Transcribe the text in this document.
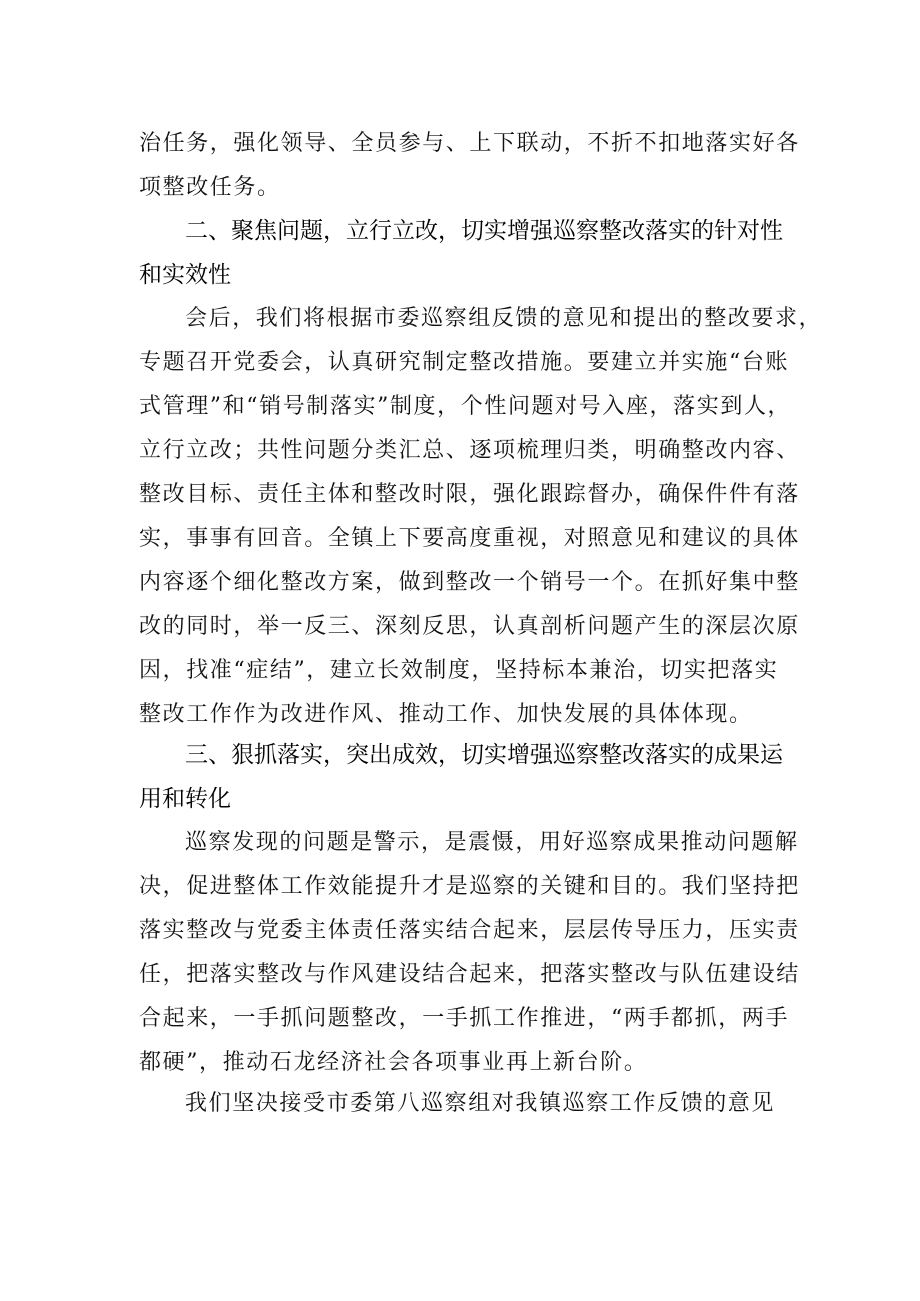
治任务，强化领导、全员参与、上下联动，不折不扣地落实好各
项整改任务。
二、聚焦问题，立行立改，切实增强巡察整改落实的针对性
和实效性
会后，我们将根据市委巡察组反馈的意见和提出的整改要求，
专题召开党委会，认真研究制定整改措施。要建立并实施“台账
式管理”和“销号制落实”制度，个性问题对号入座，落实到人，
立行立改；共性问题分类汇总、逐项梳理归类，明确整改内容、
整改目标、责任主体和整改时限，强化跟踪督办，确保件件有落
实，事事有回音。全镇上下要高度重视，对照意见和建议的具体
内容逐个细化整改方案，做到整改一个销号一个。在抓好集中整
改的同时，举一反三、深刻反思，认真剖析问题产生的深层次原
因，找准“症结”，建立长效制度，坚持标本兼治，切实把落实
整改工作作为改进作风、推动工作、加快发展的具体体现。
三、狠抓落实，突出成效，切实增强巡察整改落实的成果运
用和转化
巡察发现的问题是警示，是震慑，用好巡察成果推动问题解
决，促进整体工作效能提升才是巡察的关键和目的。我们坚持把
落实整改与党委主体责任落实结合起来，层层传导压力，压实责
任，把落实整改与作风建设结合起来，把落实整改与队伍建设结
合起来，一手抓问题整改，一手抓工作推进，“两手都抓，两手
都硬”，推动石龙经济社会各项事业再上新台阶。
我们坚决接受市委第八巡察组对我镇巡察工作反馈的意见
